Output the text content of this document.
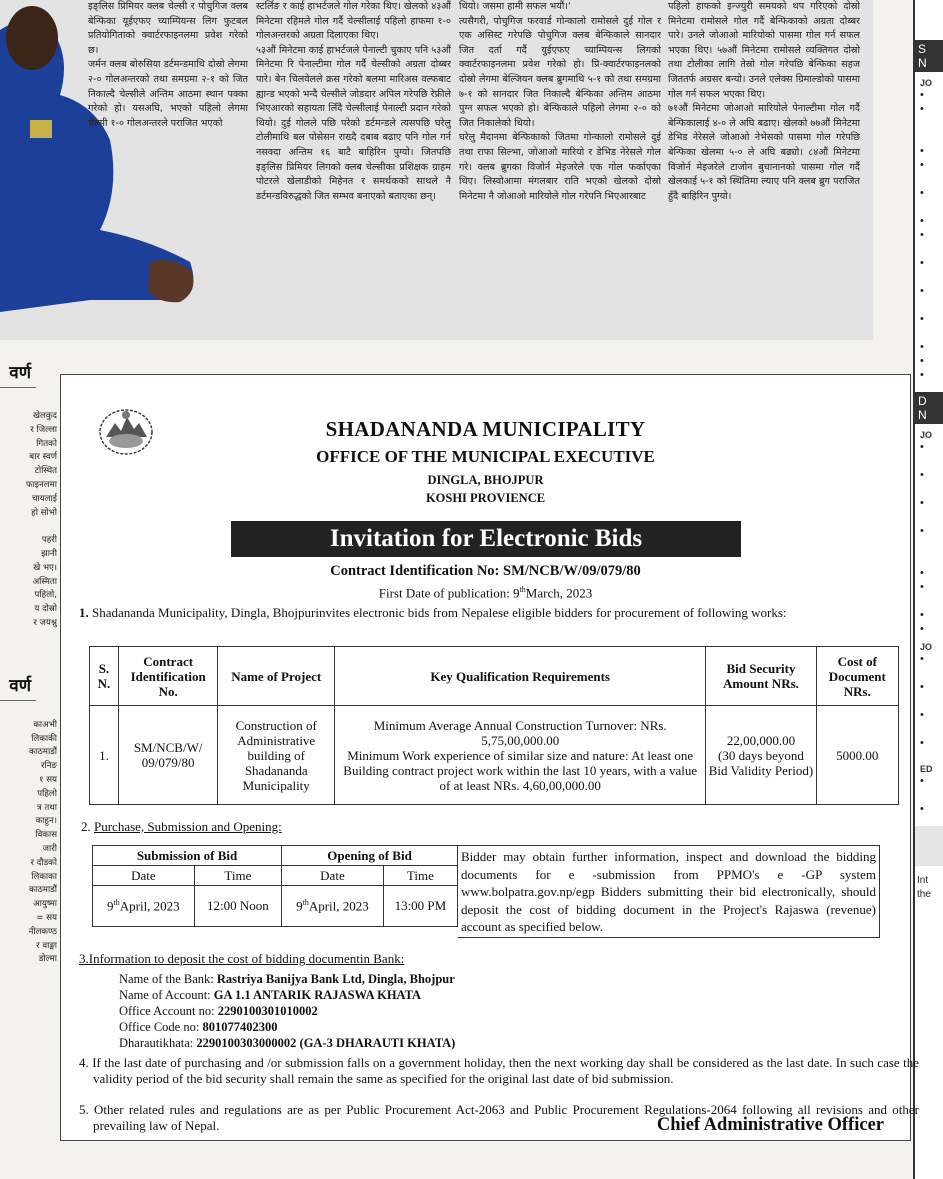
इङ्लिस प्रिमियर क्लब चेल्सी र पोचुगिज क्लब बेन्फिका यूईएफए च्याम्पियन्स लिग फुटबल प्रतियोगिताको क्वार्टरफाइनलमा प्रवेश गरेको छ।
जर्मन क्लब बोरुसिया डर्टमन्डमाथि दोस्रो लेगमा २-० गोलअन्तरको तथा समग्रमा २-१ को जित निकाल्दै चेल्सीले अन्तिम आठमा स्थान पक्का गरेको हो। यसअघि, भएको पहिलो लेगमा चेल्सी १-० गोलअन्तरले पराजित भएको
स्टर्लिङ र काई हाभर्टजले गोल गरेका थिए। खेलको ४३औं मिनेटमा रहिमले गोल गर्दै चेल्सीलाई पहिलो हाफमा १-० गोलअन्तरको अग्रता दिलाएका थिए।
५३औं मिनेटमा काई हाभर्टजले पेनाल्टी चुकाए पनि ५३औं मिनेटमा रि पेनाल्टीमा गोल गर्दै चेल्सीको अग्रता दोब्बर पारे। बेन चिलवेलले क्रस गरेको बलमा मारिअस वल्फबाट ह्यान्ड भएको भन्दै चेल्सीले जोडदार अपिल गरेपछि रेफ्रीले भिएआरको सहायता लिँदै चेल्सीलाई पेनाल्टी प्रदान गरेको थियो। दुई गोलले पछि परेको डर्टमन्डले त्यसपछि घरेलु टोलीमाथि बल पोसेसन राख्दै दबाब बढाए पनि गोल गर्न नसक्दा अन्तिम १६ बाटै बाहिरिन पुग्यो। जितपछि इङ्लिस प्रिमियर लिगको क्लब चेल्सीका प्रशिक्षक ग्राहम पोटरले खेलाडीको मिहेनत र समर्थकको साथले नै डर्टमन्डविरुद्धको जित सम्भव बनाएको बताएका छन्।
थियो। जसमा हामी सफल भयौं।'
त्यसैगरी, पोचुगिज फरवार्ड गोन्कालो रामोसले दुई गोल र एक असिस्ट गरेपछि पोचुगिज क्लब बेन्फिकाले सानदार जित दर्ता गर्दै युईएफए च्याम्पियन्स लिगको क्वार्टरफाइनलमा प्रवेश गरेको हो। प्रि-क्वार्टरफाइनलको दोस्रो लेगमा बेल्जियन क्लब ब्रुगमाथि ५-१ को तथा समग्रमा ७-१ को सानदार जित निकाल्दै बेन्फिका अन्तिम आठमा पुग्न सफल भएको हो। बेन्फिकाले पहिलो लेगमा २-० को जित निकालेको थियो।
घरेलु मैदानमा बेन्फिकाको जितमा गोन्कालो रामोसले दुई तथा राफा सिल्भा, जोआओ मारियो र डेभिड नेरेसले गोल गरे। क्लब ब्रुगका विजोर्न मेइजरेले एक गोल फर्काएका थिए। लिस्वोआमा मंगलबार राति भएको खेलको दोस्रो मिनेटमा नै जोआओ मारियोले गोल गरेपनि भिएआरबाट
पहिलो हाफको इन्ज्युरी समयको थप गरिएको दोस्रो मिनेटमा रामोसले गोल गर्दै बेन्फिकाको अग्रता दोब्बर पारे। उनले जोआओ मारियोको पासमा गोल गर्न सफल भएका थिए। ५७औं मिनेटमा रामोसले व्यक्तिगत दोस्रो तथा टोलीका लागि तेस्रो गोल गरेपछि बेन्फिका सहज जिततर्फ अग्रसर बन्यो। उनले एलेक्स ग्रिमाल्डोको पासमा गोल गर्न सफल भएका थिए।
७१औं मिनेटमा जोआओ मारियोले पेनाल्टीमा गोल गर्दै बेन्फिकालाई ४-० ले अघि बढाए। खेलको ७७औं मिनेटमा डेभिड नेरेसले जोआओ नेभेसको पासमा गोल गरेपछि बेन्फिका खेलमा ५-० ले अघि बढ्यो। ८४औं मिनेटमा विजोर्न मेइजरेले टाजोन बुचानानको पासमा गोल गर्दै खेलकाई ५-१ को स्थितिमा ल्याए पनि क्लब ब्रुग पराजित हुँदै बाहिरिन पुग्यो।

वर्ण

खेलकुद
र जिल्ला
गितको
बार स्वर्ण
टोस्थित
फाइनलमा
चायलाई
हो सोभो

पहरी
झानी
खे भए।
अस्मिता
पहिलो,
य दोस्रो
र जयश्नु

वर्ण

काअभी
लिकाकी
काठमाडौं
रनिङ
१ सय
पहिलो
त्र तथा
काहुन।
विकास
जारी
र दौडको
लिकाका
काठमाडौं
आयुष्मा
= सय
नीलकण्ठ
र वाङ्मा
डोल्मा
S
N
JO
•
•

•
•

•

•
•

•

•

•

•
•
•
D
N
JO
•

•

•

•

•
•

•
•
JO
•

•

•

•
ED
•

•
Int
the
SHADANANDA MUNICIPALITY
OFFICE OF THE MUNICIPAL EXECUTIVE
DINGLA, BHOJPUR
KOSHI PROVIENCE
Invitation for Electronic Bids
Contract Identification No: SM/NCB/W/09/079/80
First Date of publication: 9thMarch, 2023
1. Shadananda Municipality, Dingla, Bhojpurinvites electronic bids from Nepalese eligible bidders for procurement of following works:
S. N.	Contract Identification No.	Name of Project	Key Qualification Requirements	Bid Security Amount NRs.	Cost of Document NRs.
1.	SM/NCB/W/ 09/079/80	Construction of Administrative building of Shadananda Municipality	Minimum Average Annual Construction Turnover: NRs. 5,75,00,000.00
Minimum Work experience of similar size and nature: At least one Building contract project work within the last 10 years, with a value of at least NRs. 4,60,00,000.00	22,00,000.00
(30 days beyond Bid Validity Period)	5000.00
2. Purchase, Submission and Opening:
Submission of Bid		Opening of Bid	
Date	Time	Date	Time
9thApril, 2023	12:00 Noon	9thApril, 2023	13:00 PM
Bidder may obtain further information, inspect and download the bidding documents for e -submission from PPMO's e -GP system www.bolpatra.gov.np/egp Bidders submitting their bid electronically, should deposit the cost of bidding document in the Project's Rajaswa (revenue) account as specified below.
3.Information to deposit the cost of bidding documentin Bank:
Name of the Bank: Rastriya Banijya Bank Ltd, Dingla, Bhojpur
Name of Account: GA 1.1 ANTARIK RAJASWA KHATA
Office Account no: 2290100301010002
Office Code no: 801077402300
Dharautikhata: 2290100303000002 (GA-3 DHARAUTI KHATA)
4. If the last date of purchasing and /or submission falls on a government holiday, then the next working day shall be considered as the last date. In such case the validity period of the bid security shall remain the same as specified for the original last date of bid submission.
5. Other related rules and regulations are as per Public Procurement Act-2063 and Public Procurement Regulations-2064 following all revisions and other prevailing law of Nepal.	Chief Administrative Officer
